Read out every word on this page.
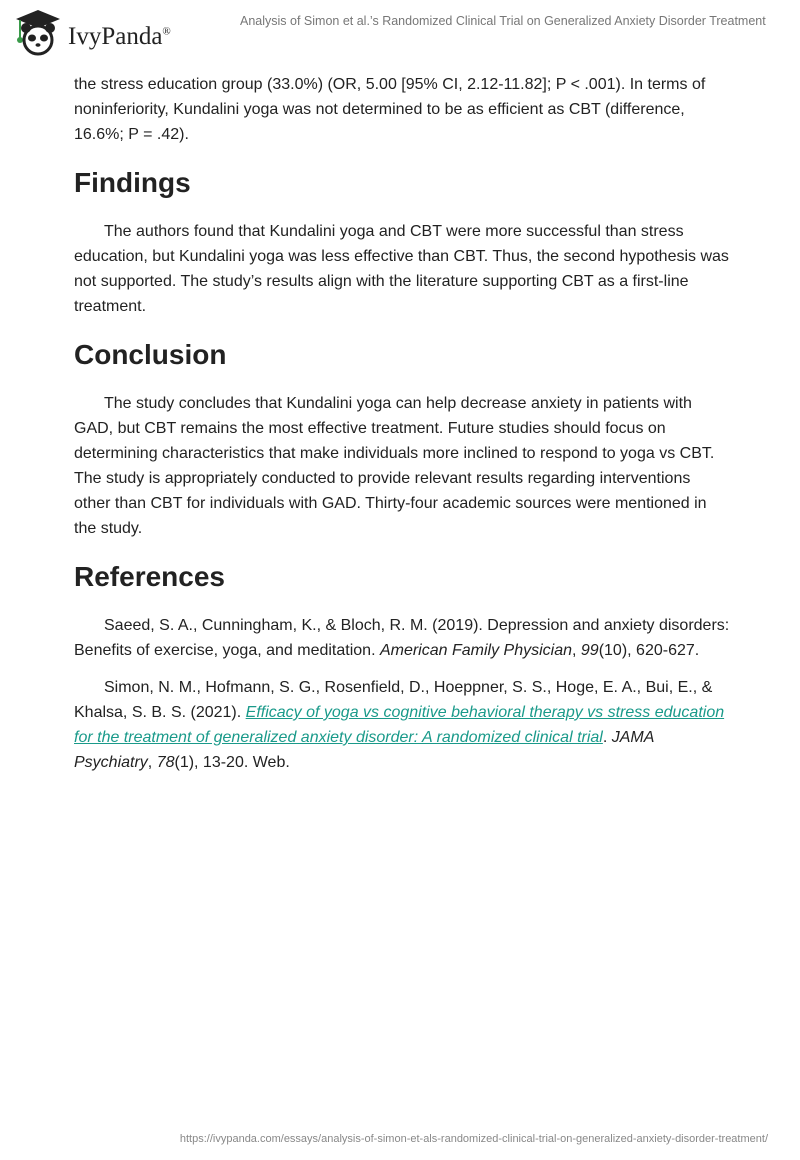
IvyPanda®
Analysis of Simon et al.’s Randomized Clinical Trial on Generalized Anxiety Disorder Treatment

the stress education group (33.0%) (OR, 5.00 [95% CI, 2.12-11.82]; P < .001). In terms of noninferiority, Kundalini yoga was not determined to be as efficient as CBT (difference, 16.6%; P = .42).

Findings

The authors found that Kundalini yoga and CBT were more successful than stress education, but Kundalini yoga was less effective than CBT. Thus, the second hypothesis was not supported. The study’s results align with the literature supporting CBT as a first-line treatment.

Conclusion

The study concludes that Kundalini yoga can help decrease anxiety in patients with GAD, but CBT remains the most effective treatment. Future studies should focus on determining characteristics that make individuals more inclined to respond to yoga vs CBT. The study is appropriately conducted to provide relevant results regarding interventions other than CBT for individuals with GAD. Thirty-four academic sources were mentioned in the study.

References

Saeed, S. A., Cunningham, K., & Bloch, R. M. (2019). Depression and anxiety disorders: Benefits of exercise, yoga, and meditation. American Family Physician, 99(10), 620-627.

Simon, N. M., Hofmann, S. G., Rosenfield, D., Hoeppner, S. S., Hoge, E. A., Bui, E., & Khalsa, S. B. S. (2021). Efficacy of yoga vs cognitive behavioral therapy vs stress education for the treatment of generalized anxiety disorder: A randomized clinical trial. JAMA Psychiatry, 78(1), 13-20. Web.

https://ivypanda.com/essays/analysis-of-simon-et-als-randomized-clinical-trial-on-generalized-anxiety-disorder-treatment/
